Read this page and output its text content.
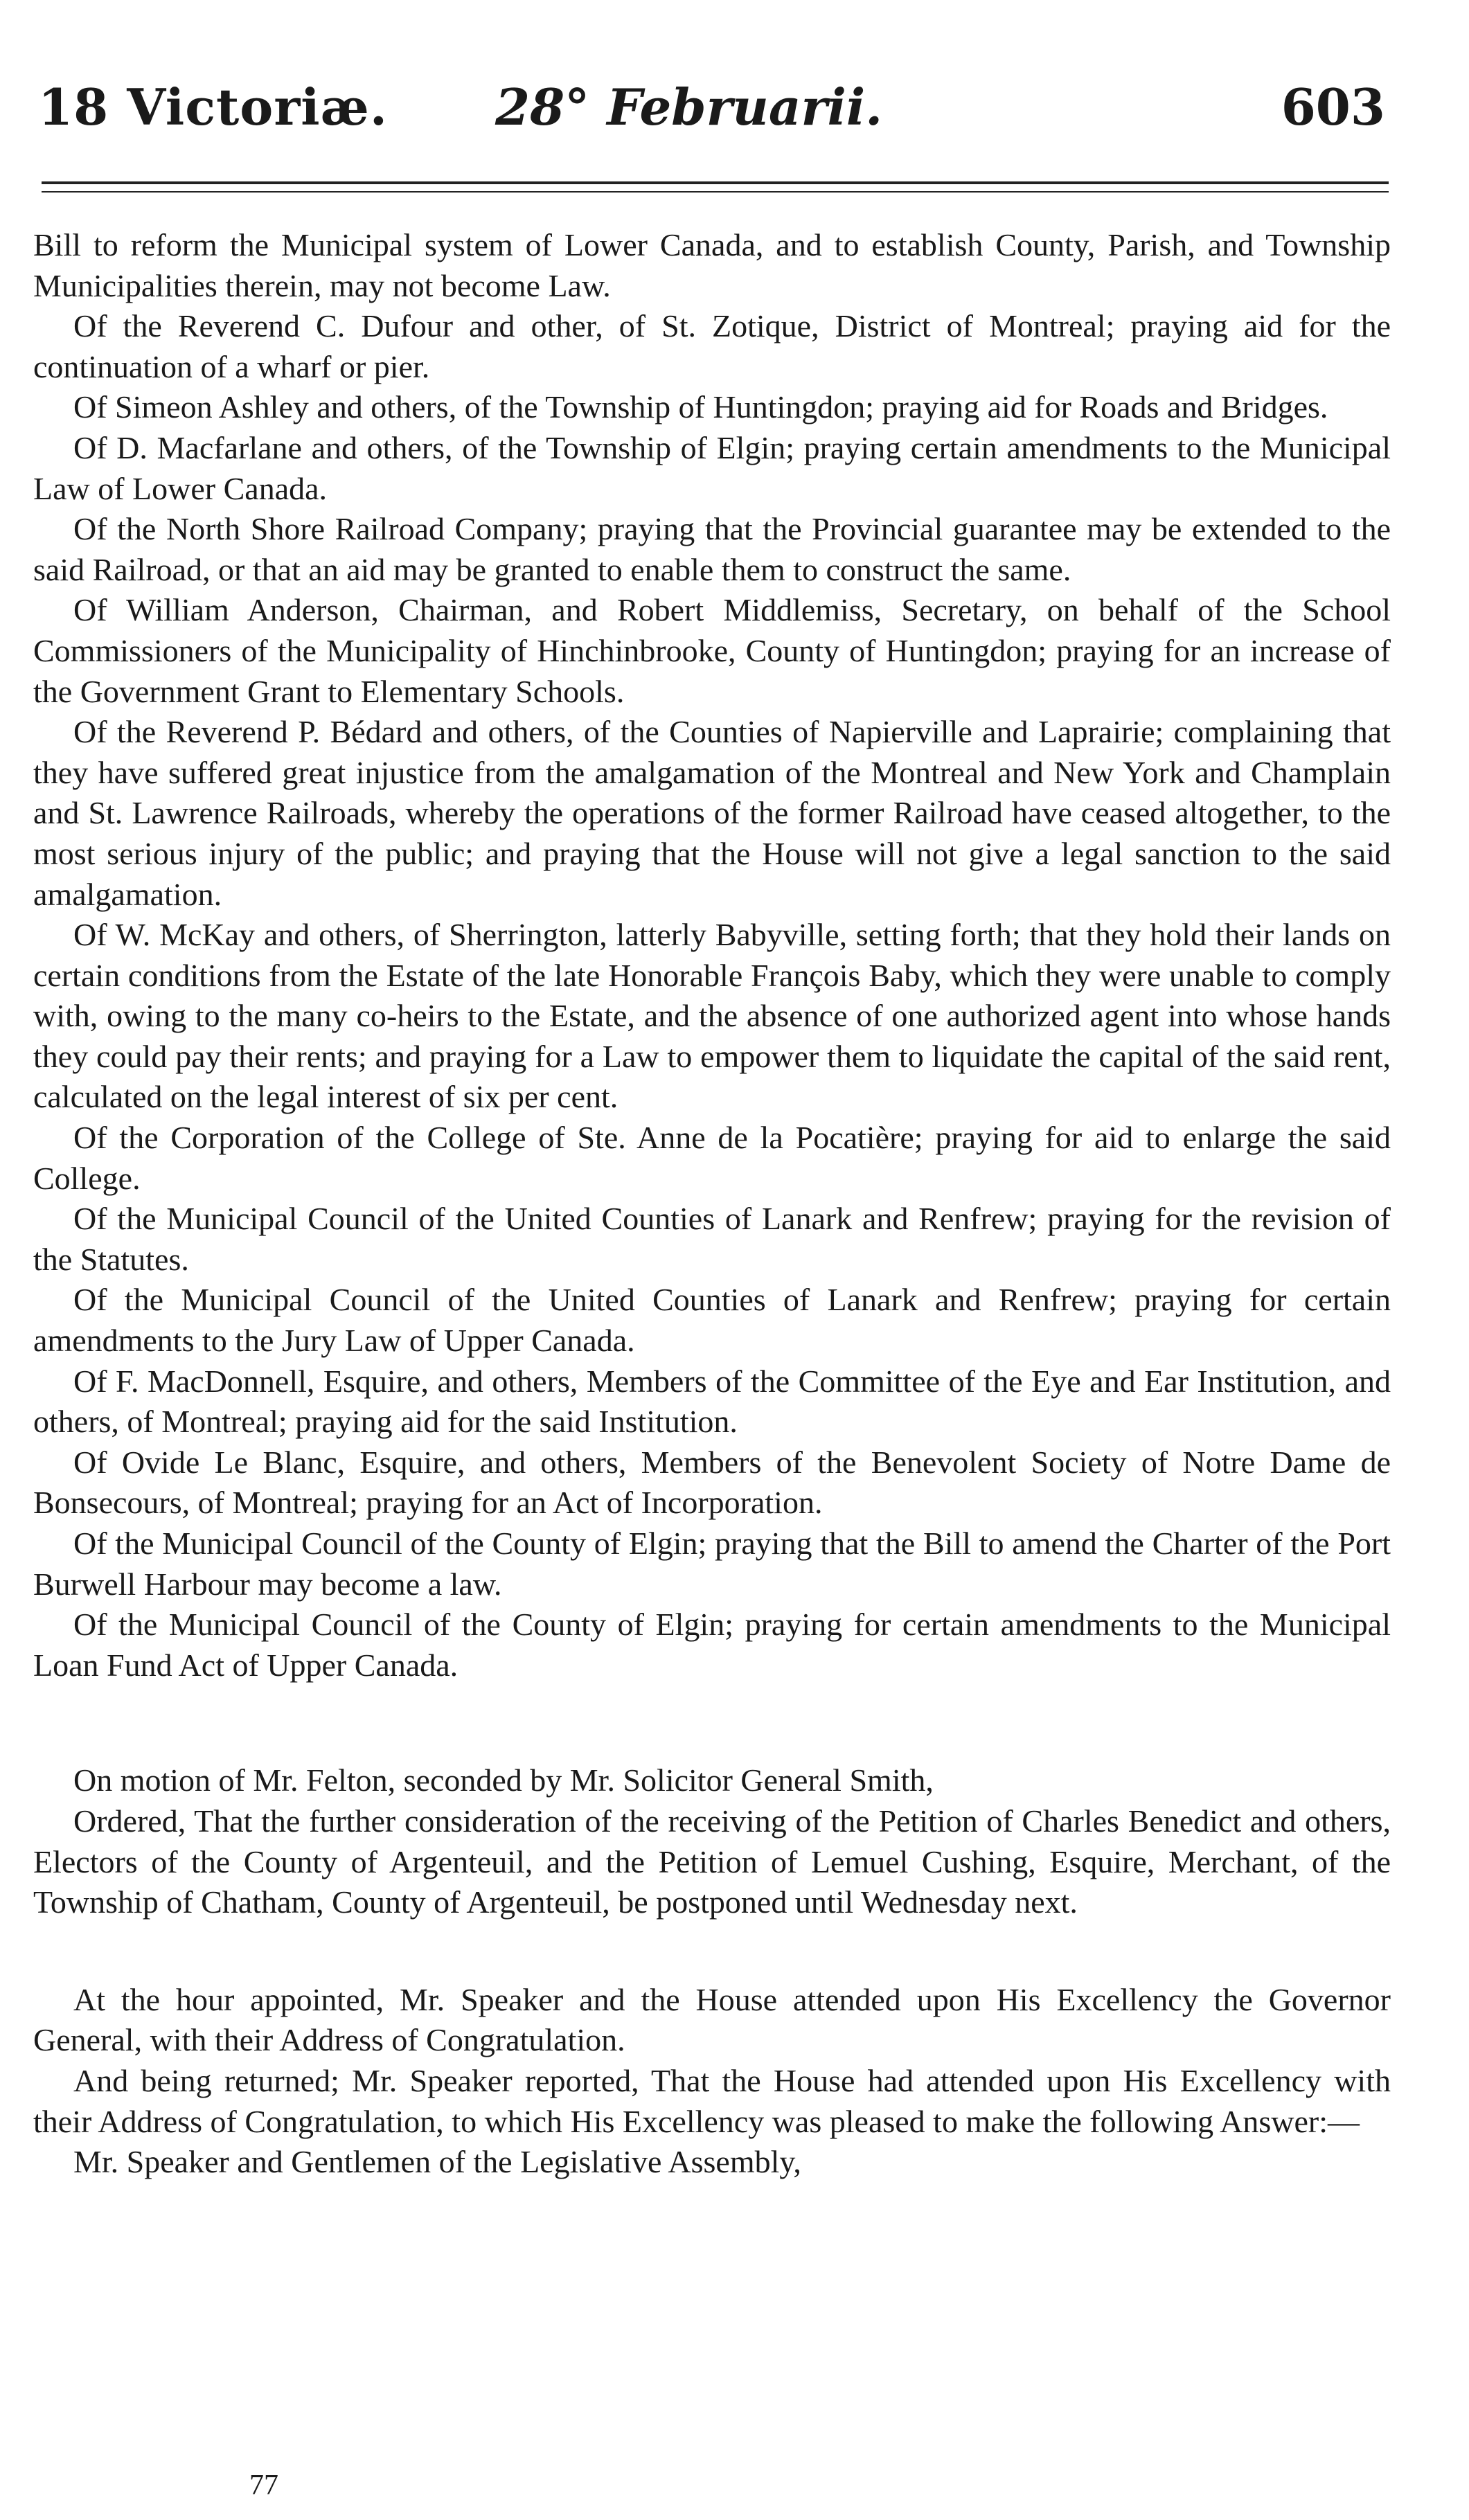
18 Victoriæ. 28° Februarii.	603

Bill to reform the Municipal system of Lower Canada, and to establish County, Parish, and Township Municipalities therein, may not become Law.

Of the Reverend C. Dufour and other, of St. Zotique, District of Montreal; praying aid for the continuation of a wharf or pier.

Of Simeon Ashley and others, of the Township of Huntingdon; praying aid for Roads and Bridges.

Of D. Macfarlane and others, of the Township of Elgin; praying certain amendments to the Municipal Law of Lower Canada.

Of the North Shore Railroad Company; praying that the Provincial guarantee may be extended to the said Railroad, or that an aid may be granted to enable them to construct the same.

Of William Anderson, Chairman, and Robert Middlemiss, Secretary, on behalf of the School Commissioners of the Municipality of Hinchinbrooke, County of Huntingdon; praying for an increase of the Government Grant to Elementary Schools.

Of the Reverend P. Bédard and others, of the Counties of Napierville and Laprairie; complaining that they have suffered great injustice from the amalgamation of the Montreal and New York and Champlain and St. Lawrence Railroads, whereby the operations of the former Railroad have ceased altogether, to the most serious injury of the public; and praying that the House will not give a legal sanction to the said amalgamation.

Of W. McKay and others, of Sherrington, latterly Babyville, setting forth; that they hold their lands on certain conditions from the Estate of the late Honorable François Baby, which they were unable to comply with, owing to the many co-heirs to the Estate, and the absence of one authorized agent into whose hands they could pay their rents; and praying for a Law to empower them to liquidate the capital of the said rent, calculated on the legal interest of six per cent.

Of the Corporation of the College of Ste. Anne de la Pocatière; praying for aid to enlarge the said College.

Of the Municipal Council of the United Counties of Lanark and Renfrew; praying for the revision of the Statutes.

Of the Municipal Council of the United Counties of Lanark and Renfrew; praying for certain amendments to the Jury Law of Upper Canada.

Of F. MacDonnell, Esquire, and others, Members of the Committee of the Eye and Ear Institution, and others, of Montreal; praying aid for the said Institution.

Of Ovide Le Blanc, Esquire, and others, Members of the Benevolent Society of Notre Dame de Bonsecours, of Montreal; praying for an Act of Incorporation.

Of the Municipal Council of the County of Elgin; praying that the Bill to amend the Charter of the Port Burwell Harbour may become a law.

Of the Municipal Council of the County of Elgin; praying for certain amendments to the Municipal Loan Fund Act of Upper Canada.

On motion of Mr. Felton, seconded by Mr. Solicitor General Smith,

Ordered, That the further consideration of the receiving of the Petition of Charles Benedict and others, Electors of the County of Argenteuil, and the Petition of Lemuel Cushing, Esquire, Merchant, of the Township of Chatham, County of Argenteuil, be postponed until Wednesday next.

At the hour appointed, Mr. Speaker and the House attended upon His Excellency the Governor General, with their Address of Congratulation.

And being returned; Mr. Speaker reported, That the House had attended upon His Excellency with their Address of Congratulation, to which His Excellency was pleased to make the following Answer:—

Mr. Speaker and Gentlemen of the Legislative Assembly,

77
